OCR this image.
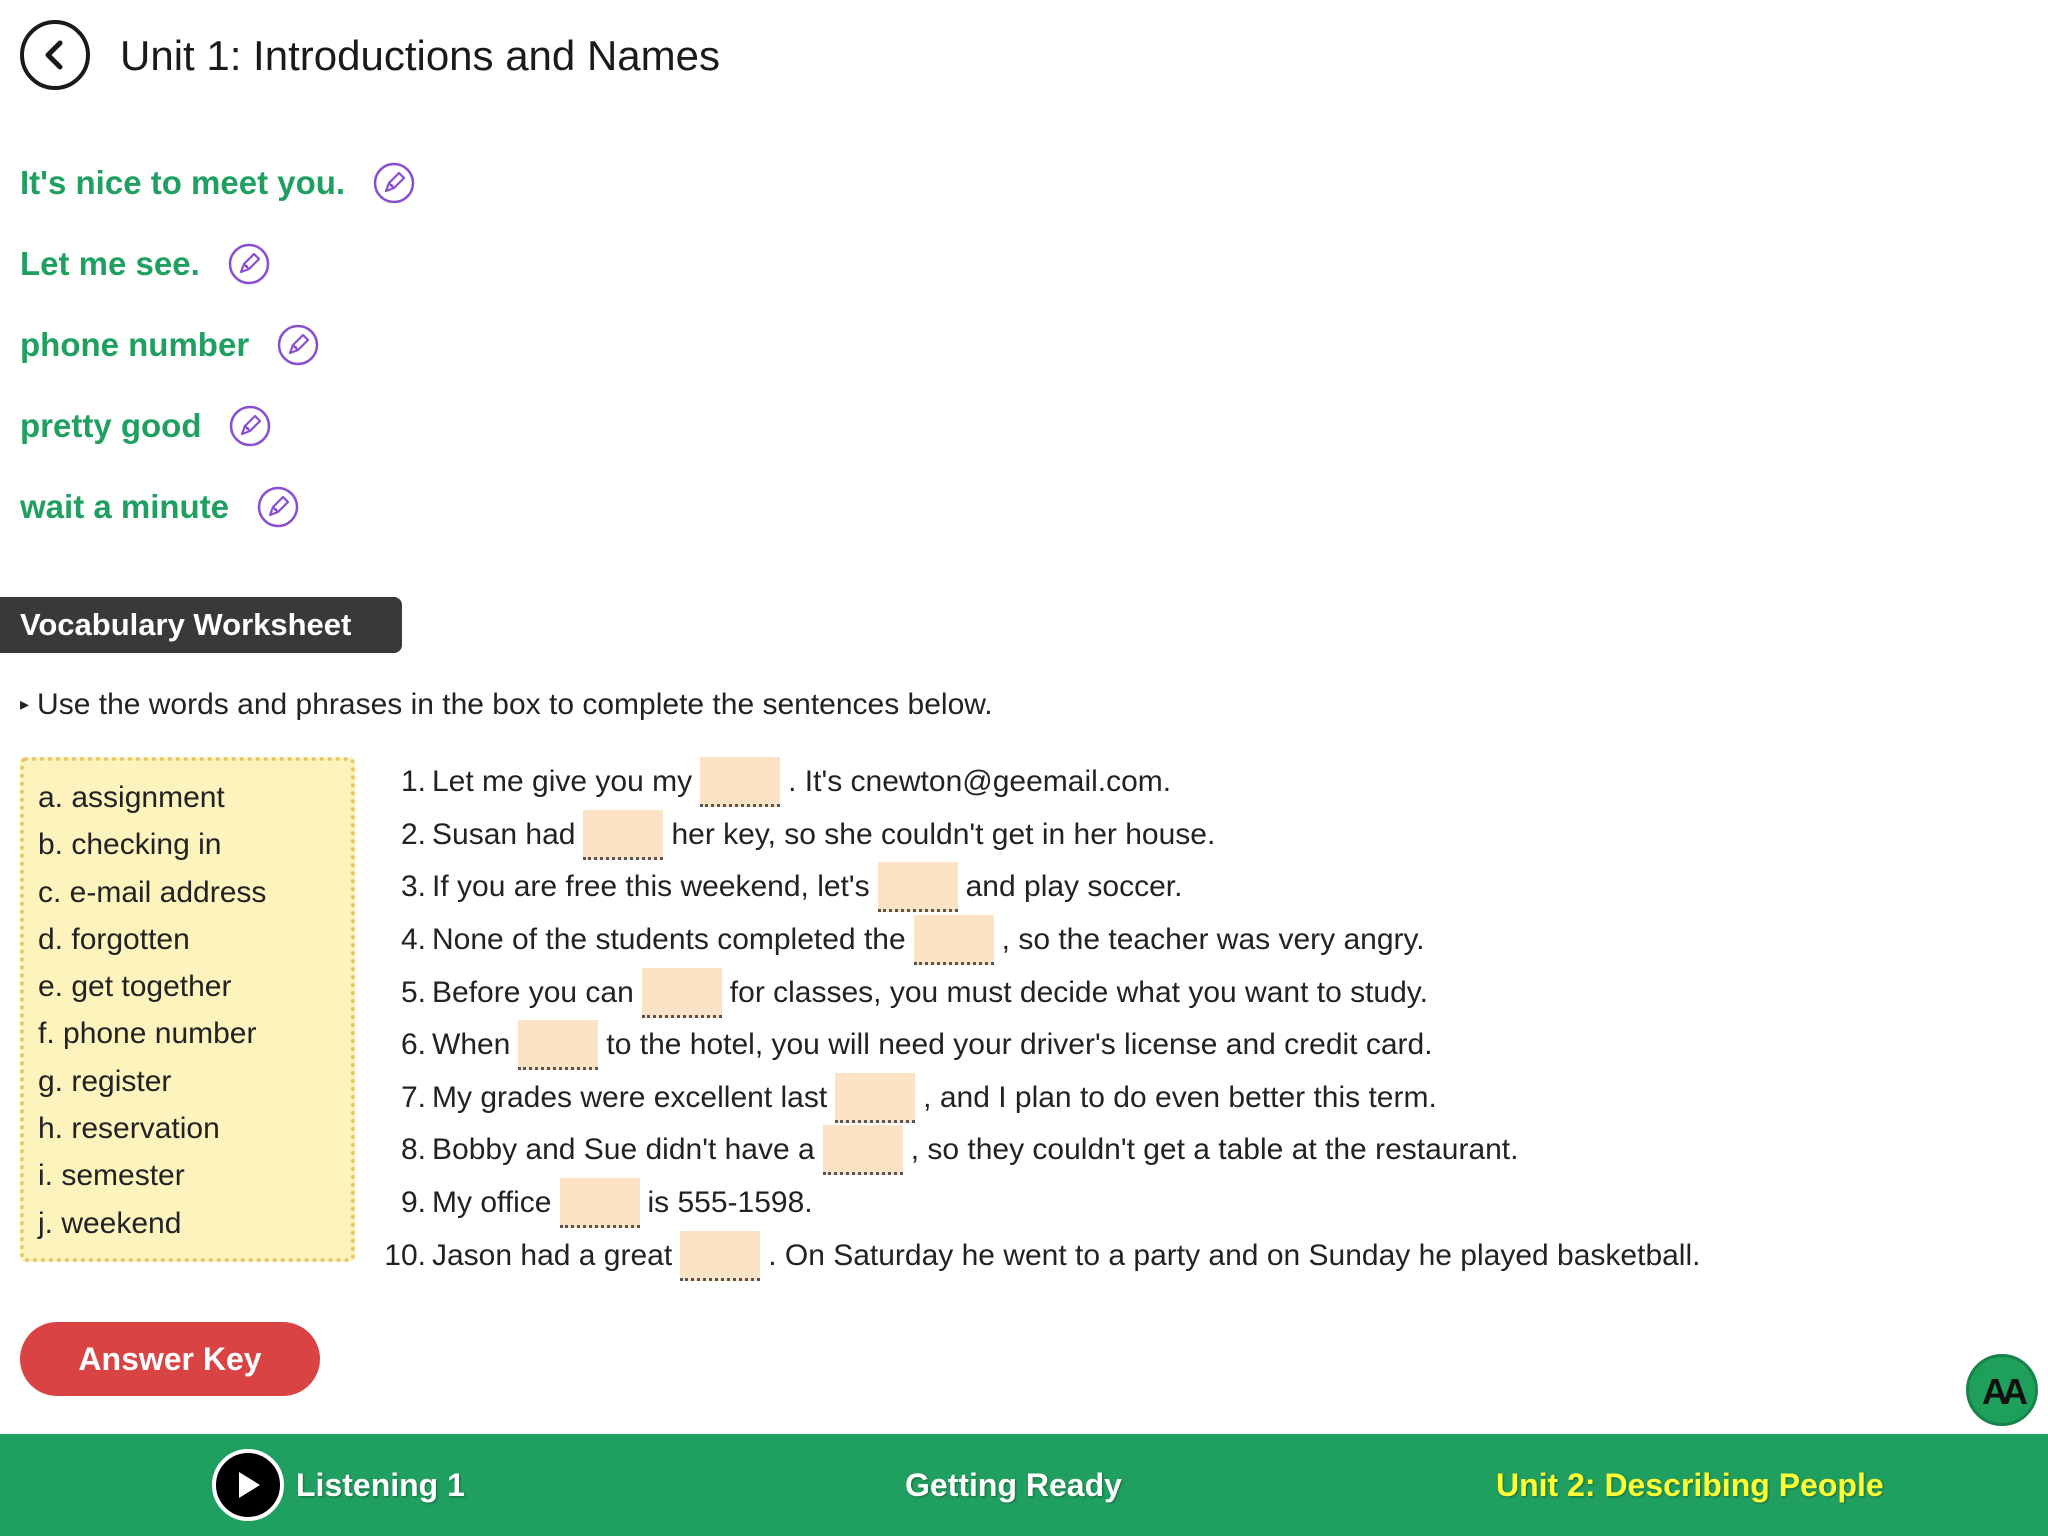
Unit 1: Introductions and Names
It's nice to meet you.
Let me see.
phone number
pretty good
wait a minute
Vocabulary Worksheet
▸ Use the words and phrases in the box to complete the sentences below.
a. assignment
b. checking in
c. e-mail address
d. forgotten
e. get together
f. phone number
g. register
h. reservation
i. semester
j. weekend
1. Let me give you my	. It's cnewton@geemail.com.
2. Susan had	her key, so she couldn't get in her house.
3. If you are free this weekend, let's	and play soccer.
4. None of the students completed the	, so the teacher was very angry.
5. Before you can	for classes, you must decide what you want to study.
6. When	to the hotel, you will need your driver's license and credit card.
7. My grades were excellent last	, and I plan to do even better this term.
8. Bobby and Sue didn't have a	, so they couldn't get a table at the restaurant.
9. My office	is 555-1598.
10. Jason had a great	. On Saturday he went to a party and on Sunday he played basketball.
Answer Key
AA
Listening 1	Getting Ready	Unit 2: Describing People
